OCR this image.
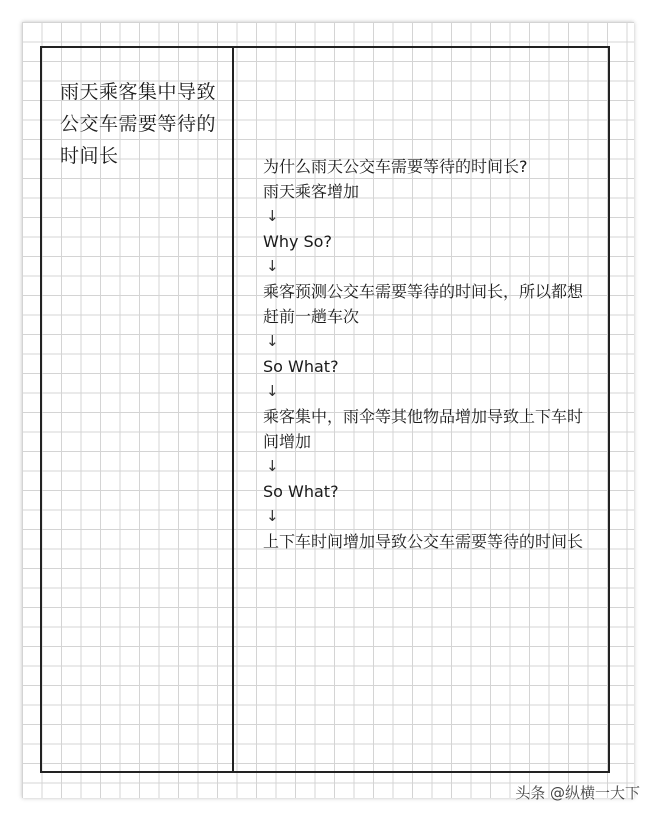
雨天乘客集中导致公交车需要等待的时间长	为什么雨天公交车需要等待的时间长?
雨天乘客增加
↓
Why So?
↓
乘客预测公交车需要等待的时间长，所以都想赶前一趟车次
↓
So What?
↓
乘客集中，雨伞等其他物品增加导致上下车时间增加
↓
So What?
↓
上下车时间增加导致公交车需要等待的时间长
头条 @纵横一大下
